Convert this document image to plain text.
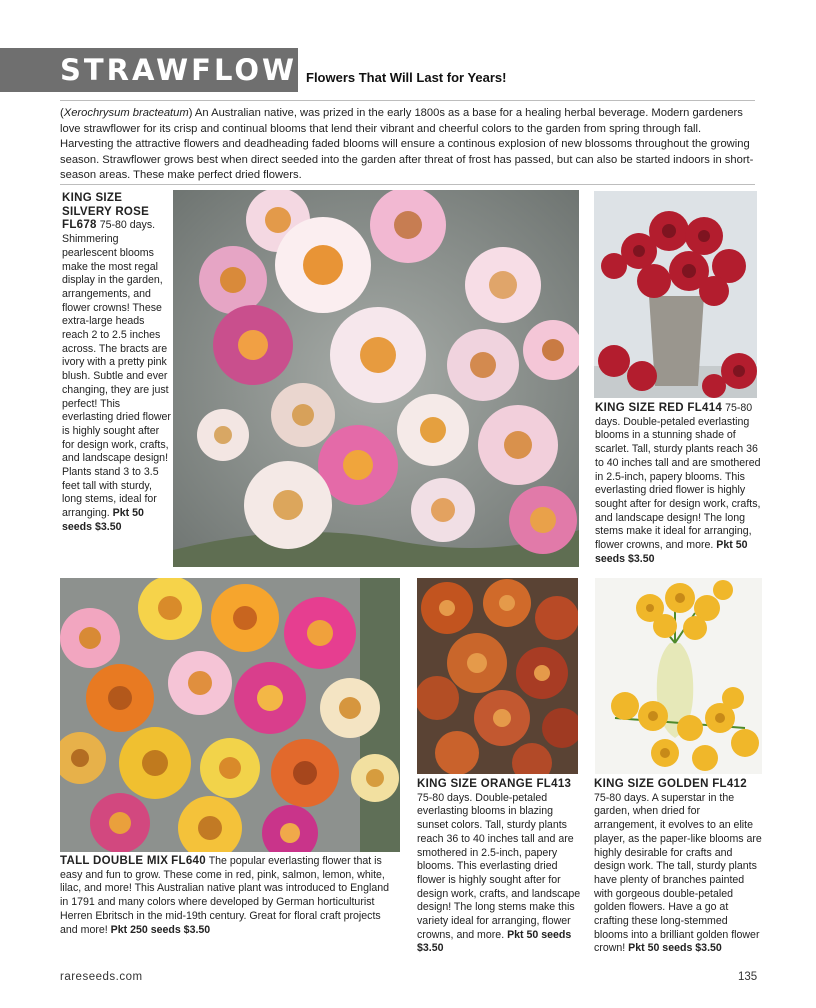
STRAWFLOWER
Flowers That Will Last for Years!

(Xerochrysum bracteatum) An Australian native, was prized in the early 1800s as a base for a healing herbal beverage. Modern gardeners love strawflower for its crisp and continual blooms that lend their vibrant and cheerful colors to the garden from spring through fall. Harvesting the attractive flowers and deadheading faded blooms will ensure a continous explosion of new blossoms throughout the growing season. Strawflower grows best when direct seeded into the garden after threat of frost has passed, but can also be started indoors in short-season areas. These make perfect dried flowers.

KING SIZE SILVERY ROSE
FL678 75-80 days. Shimmering pearlescent blooms make the most regal display in the garden, arrangements, and flower crowns! These extra-large heads reach 2 to 2.5 inches across. The bracts are ivory with a pretty pink blush. Subtle and ever changing, they are just perfect! This everlasting dried flower is highly sought after for design work, crafts, and landscape design! Plants stand 3 to 3.5 feet tall with sturdy, long stems, ideal for arranging. Pkt 50 seeds $3.50
KING SIZE RED FL414 75-80 days. Double-petaled everlasting blooms in a stunning shade of scarlet. Tall, sturdy plants reach 36 to 40 inches tall and are smothered in 2.5-inch, papery blooms. This everlasting dried flower is highly sought after for design work, crafts, and landscape design! The long stems make it ideal for arranging, flower crowns, and more. Pkt 50 seeds $3.50
TALL DOUBLE MIX FL640 The popular everlasting flower that is easy and fun to grow. These come in red, pink, salmon, lemon, white, lilac, and more! This Australian native plant was introduced to England in 1791 and many colors where developed by German horticulturist Herren Ebritsch in the mid-19th century. Great for floral craft projects and more! Pkt 250 seeds $3.50
KING SIZE ORANGE FL413
75-80 days. Double-petaled everlasting blooms in blazing sunset colors. Tall, sturdy plants reach 36 to 40 inches tall and are smothered in 2.5-inch, papery blooms. This everlasting dried flower is highly sought after for design work, crafts, and landscape design! The long stems make this variety ideal for arranging, flower crowns, and more. Pkt 50 seeds $3.50
KING SIZE GOLDEN FL412
75-80 days. A superstar in the garden, when dried for arrangement, it evolves to an elite player, as the paper-like blooms are highly desirable for crafts and design work. The tall, sturdy plants have plenty of branches painted with gorgeous double-petaled golden flowers. Have a go at crafting these long-stemmed blooms into a brilliant golden flower crown! Pkt 50 seeds $3.50
rareseeds.com	135
